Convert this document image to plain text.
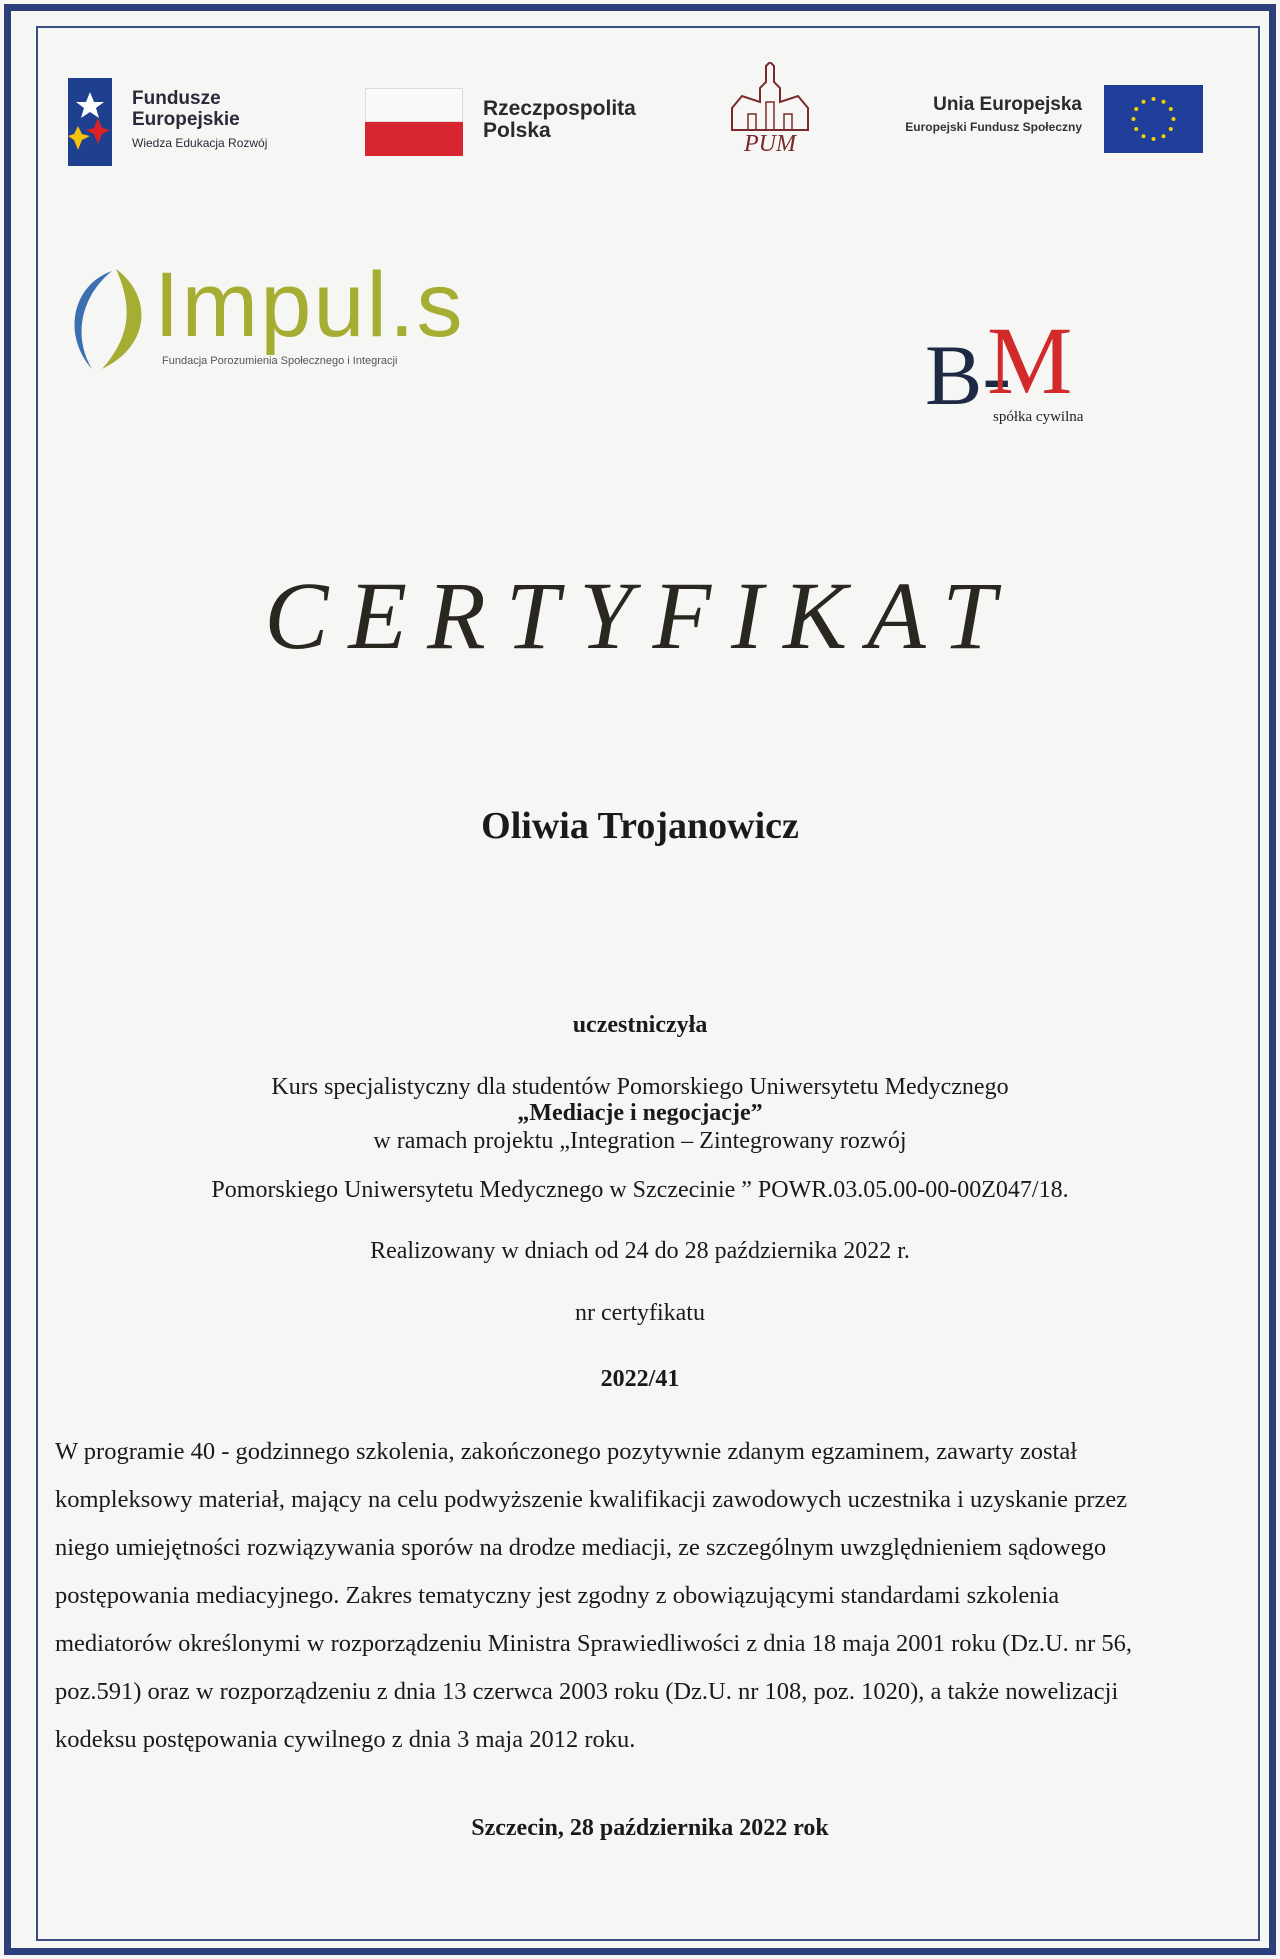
Fundusze
Europejskie
Wiedza Edukacja Rozwój
Rzeczpospolita
Polska
PUM
Unia Europejska
Europejski Fundusz Społeczny
Impul.s
Fundacja Porozumienia Społecznego i Integracji	B-
M
spółka cywilna
CERTYFIKAT
Oliwia Trojanowicz
uczestniczyła
Kurs specjalistyczny dla studentów Pomorskiego Uniwersytetu Medycznego
„Mediacje i negocjacje”
w ramach projektu „Integration – Zintegrowany rozwój
Pomorskiego Uniwersytetu Medycznego w Szczecinie ” POWR.03.05.00-00-00Z047/18.
Realizowany w dniach od 24 do 28 października 2022 r.
nr certyfikatu
2022/41
W programie 40 - godzinnego szkolenia, zakończonego pozytywnie zdanym egzaminem, zawarty został
kompleksowy materiał, mający na celu podwyższenie kwalifikacji zawodowych uczestnika i uzyskanie przez
niego umiejętności rozwiązywania sporów na drodze mediacji, ze szczególnym uwzględnieniem sądowego
postępowania mediacyjnego. Zakres tematyczny jest zgodny z obowiązującymi standardami szkolenia
mediatorów określonymi w rozporządzeniu Ministra Sprawiedliwości z dnia 18 maja 2001 roku (Dz.U. nr 56,
poz.591) oraz w rozporządzeniu z dnia 13 czerwca 2003 roku (Dz.U. nr 108, poz. 1020), a także nowelizacji
kodeksu postępowania cywilnego z dnia 3 maja 2012 roku.
Szczecin, 28 października 2022 rok
